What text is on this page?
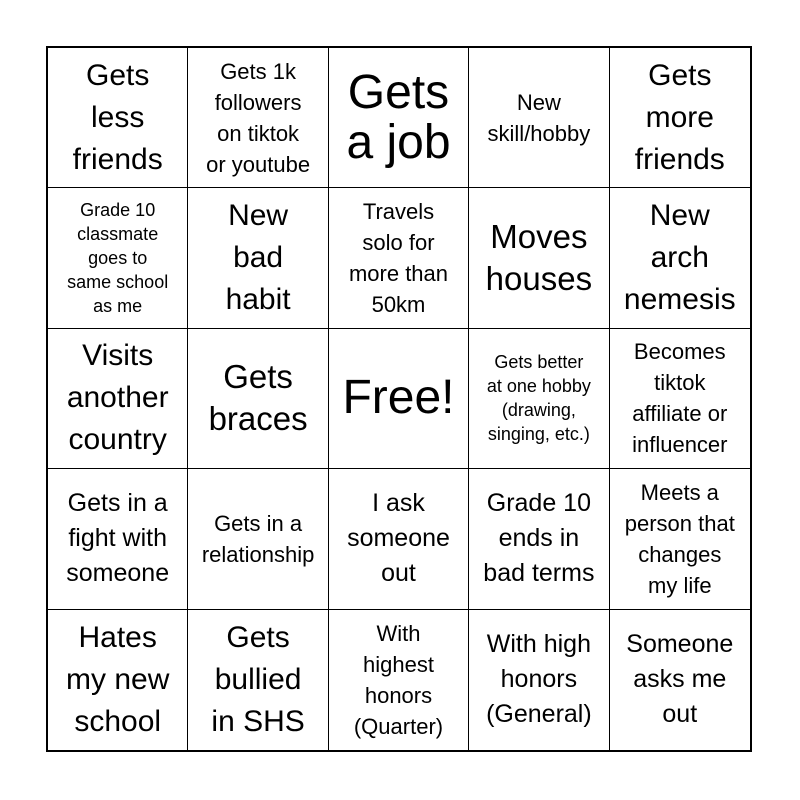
Gets
less
friends
Gets 1k
followers
on tiktok
or youtube
Gets
a job
New
skill/hobby
Gets
more
friends
Grade 10
classmate
goes to
same school
as me
New
bad
habit
Travels
solo for
more than
50km
Moves
houses
New
arch
nemesis
Visits
another
country
Gets
braces Free!
Gets better
at one hobby
(drawing,
singing, etc.)
Becomes
tiktok
affiliate or
influencer
Gets in a
fight with
someone
Gets in a
relationship
I ask
someone
out
Grade 10
ends in
bad terms
Meets a
person that
changes
my life
Hates
my new
school
Gets
bullied
in SHS
With
highest
honors
(Quarter)
With high
honors
(General)
Someone
asks me
out
